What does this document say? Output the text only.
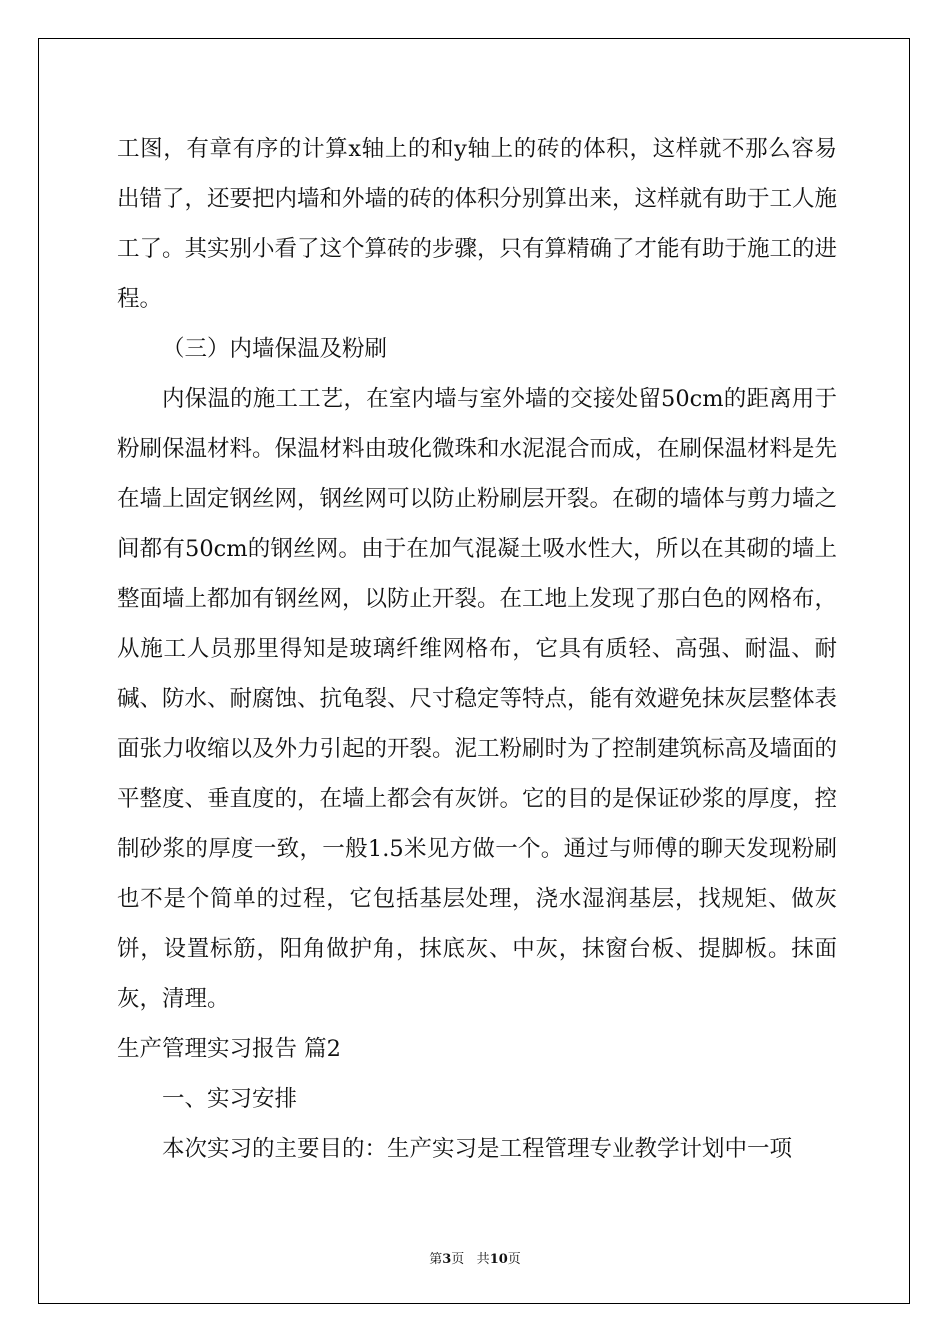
工图，有章有序的计算x轴上的和y轴上的砖的体积，这样就不那么容易出错了，还要把内墙和外墙的砖的体积分别算出来，这样就有助于工人施工了。其实别小看了这个算砖的步骤，只有算精确了才能有助于施工的进程。

（三）内墙保温及粉刷

内保温的施工工艺，在室内墙与室外墙的交接处留50cm的距离用于粉刷保温材料。保温材料由玻化微珠和水泥混合而成，在刷保温材料是先在墙上固定钢丝网，钢丝网可以防止粉刷层开裂。在砌的墙体与剪力墙之间都有50cm的钢丝网。由于在加气混凝土吸水性大，所以在其砌的墙上整面墙上都加有钢丝网，以防止开裂。在工地上发现了那白色的网格布，从施工人员那里得知是玻璃纤维网格布，它具有质轻、高强、耐温、耐碱、防水、耐腐蚀、抗龟裂、尺寸稳定等特点，能有效避免抹灰层整体表面张力收缩以及外力引起的开裂。泥工粉刷时为了控制建筑标高及墙面的平整度、垂直度的，在墙上都会有灰饼。它的目的是保证砂浆的厚度，控制砂浆的厚度一致，一般1.5米见方做一个。通过与师傅的聊天发现粉刷也不是个简单的过程，它包括基层处理，浇水湿润基层，找规矩、做灰饼，设置标筋，阳角做护角，抹底灰、中灰，抹窗台板、提脚板。抹面灰，清理。

生产管理实习报告 篇2

一、实习安排

本次实习的主要目的：生产实习是工程管理专业教学计划中一项

第3页 共10页
